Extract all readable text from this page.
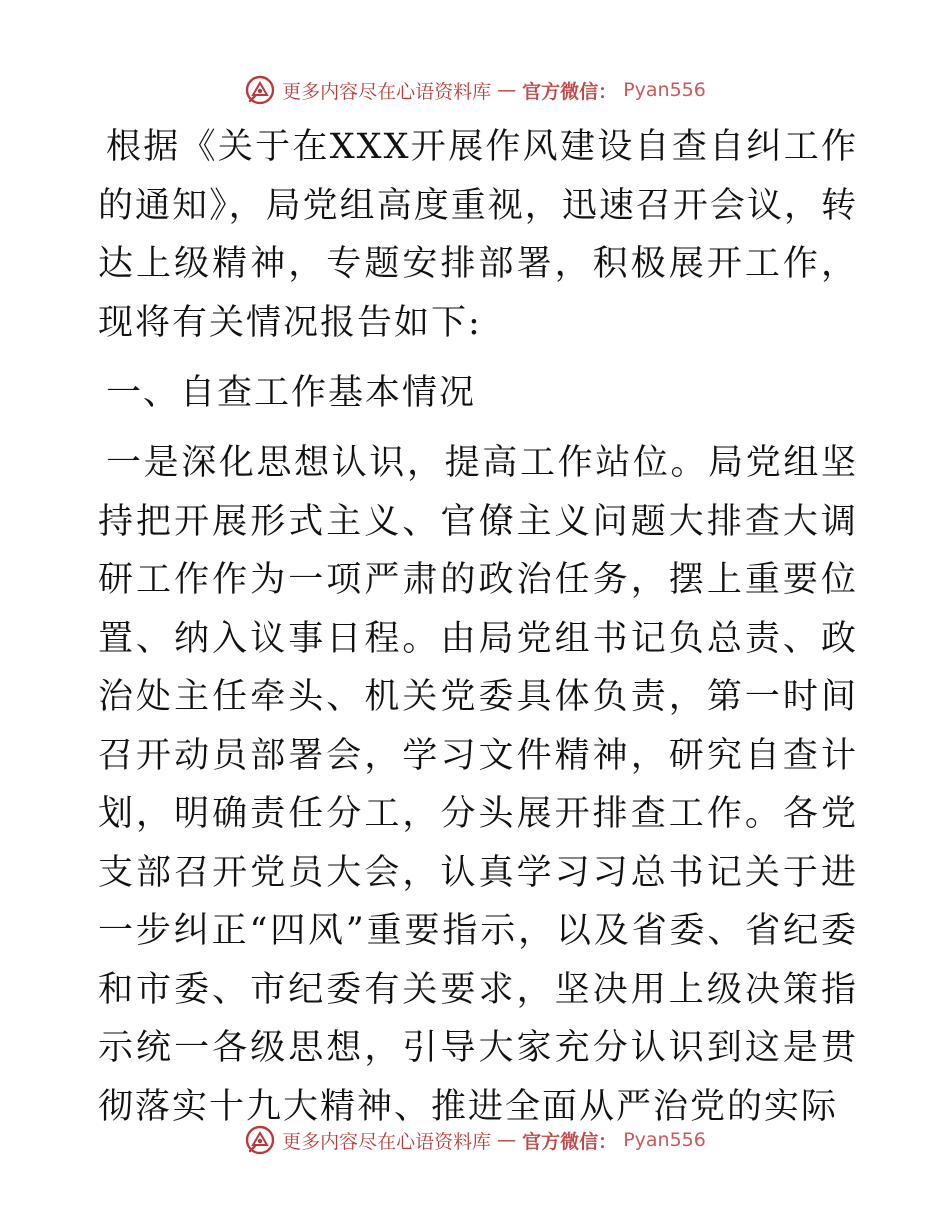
更多内容尽在心语资料库 — 官方微信： Pyan556

根据《关于在XXX开展作风建设自查自纠工作的通知》，局党组高度重视，迅速召开会议，转达上级精神，专题安排部署，积极展开工作，现将有关情况报告如下:

一、自查工作基本情况

一是深化思想认识，提高工作站位。局党组坚持把开展形式主义、官僚主义问题大排查大调研工作作为一项严肃的政治任务，摆上重要位置、纳入议事日程。由局党组书记负总责、政治处主任牵头、机关党委具体负责，第一时间召开动员部署会，学习文件精神，研究自查计划，明确责任分工，分头展开排查工作。各党支部召开党员大会，认真学习习总书记关于进一步纠正“四风”重要指示，以及省委、省纪委和市委、市纪委有关要求，坚决用上级决策指示统一各级思想，引导大家充分认识到这是贯彻落实十九大精神、推进全面从严治党的实际

更多内容尽在心语资料库 — 官方微信： Pyan556
